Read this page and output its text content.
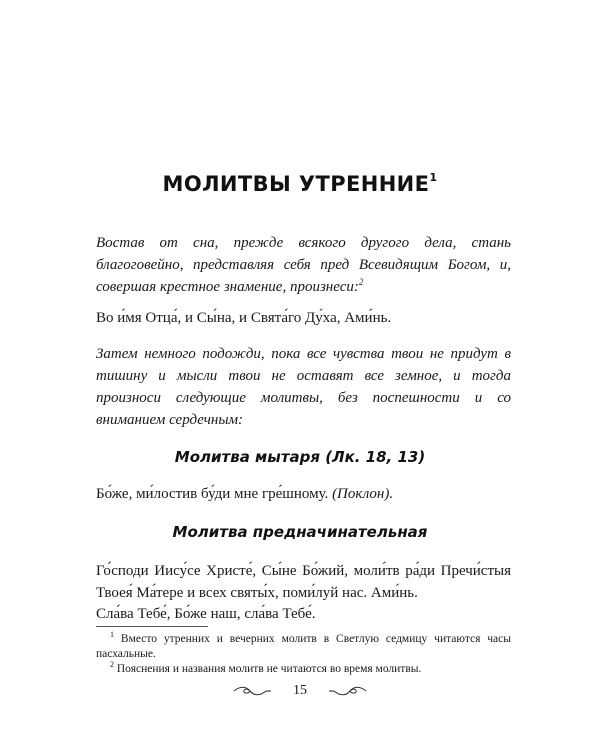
МОЛИТВЫ УТРЕННИЕ$^1$

Востав от сна, прежде всякого другого дела, стань благоговейно, представляя себя пред Всевидящим Богом, и, совершая крестное знамение, произнеси:$^2$

Во и́мя Отца́, и Сы́на, и Свята́го Ду́ха, Ами́нь.

Затем немного подожди, пока все чувства твои не придут в тишину и мысли твои не оставят все земное, и тогда произноси следующие молитвы, без поспешности и со вниманием сердечным:

Молитва мытаря (Лк. 18, 13)

Бо́же, ми́лостив бу́ди мне гре́шному. (Поклон).

Молитва предначинательная

Го́споди Иису́се Христе́, Сы́не Бо́жий, моли́тв ра́ди Пречи́стыя Твоея́ Ма́тере и всех святы́х, поми́луй нас. Ами́нь.

Сла́ва Тебе́, Бо́же наш, сла́ва Тебе́.

$^1$ Вместо утренних и вечерних молитв в Светлую седмицу читаются часы пасхальные.

$^2$ Пояснения и названия молитв не читаются во время молитвы.

15
